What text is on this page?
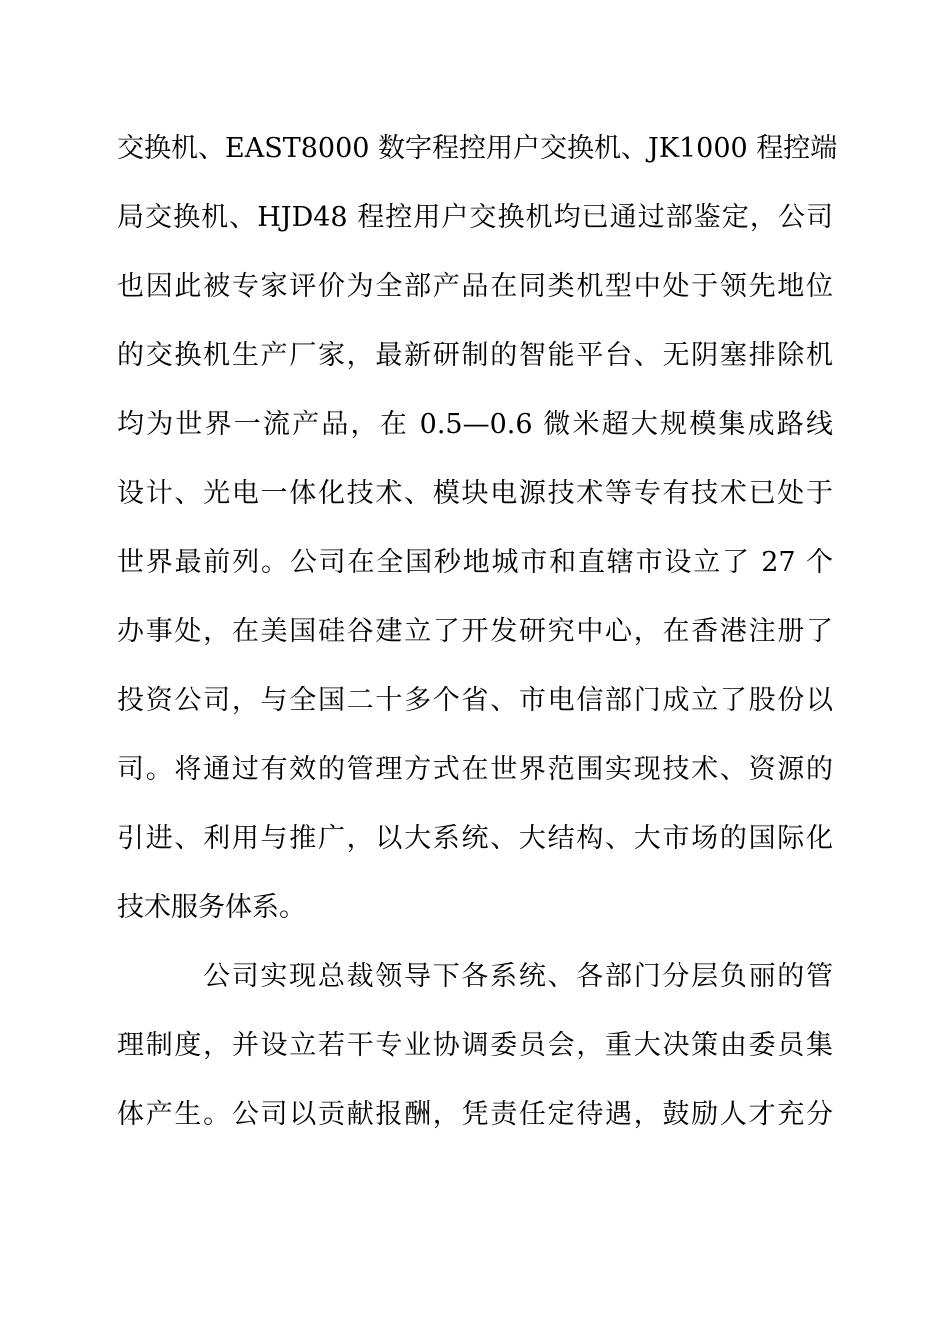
交换机、EAST8000 数字程控用户交换机、JK1000 程控端

局交换机、HJD48 程控用户交换机均已通过部鉴定，公司

也因此被专家评价为全部产品在同类机型中处于领先地位

的交换机生产厂家，最新研制的智能平台、无阴塞排除机

均为世界一流产品，在 0.5—0.6 微米超大规模集成路线

设计、光电一体化技术、模块电源技术等专有技术已处于

世界最前列。公司在全国秒地城市和直辖市设立了 27 个

办事处，在美国硅谷建立了开发研究中心，在香港注册了

投资公司，与全国二十多个省、市电信部门成立了股份以

司。将通过有效的管理方式在世界范围实现技术、资源的

引进、利用与推广，以大系统、大结构、大市场的国际化

技术服务体系。

公司实现总裁领导下各系统、各部门分层负丽的管

理制度，并设立若干专业协调委员会，重大决策由委员集

体产生。公司以贡献报酬，凭责任定待遇，鼓励人才充分
